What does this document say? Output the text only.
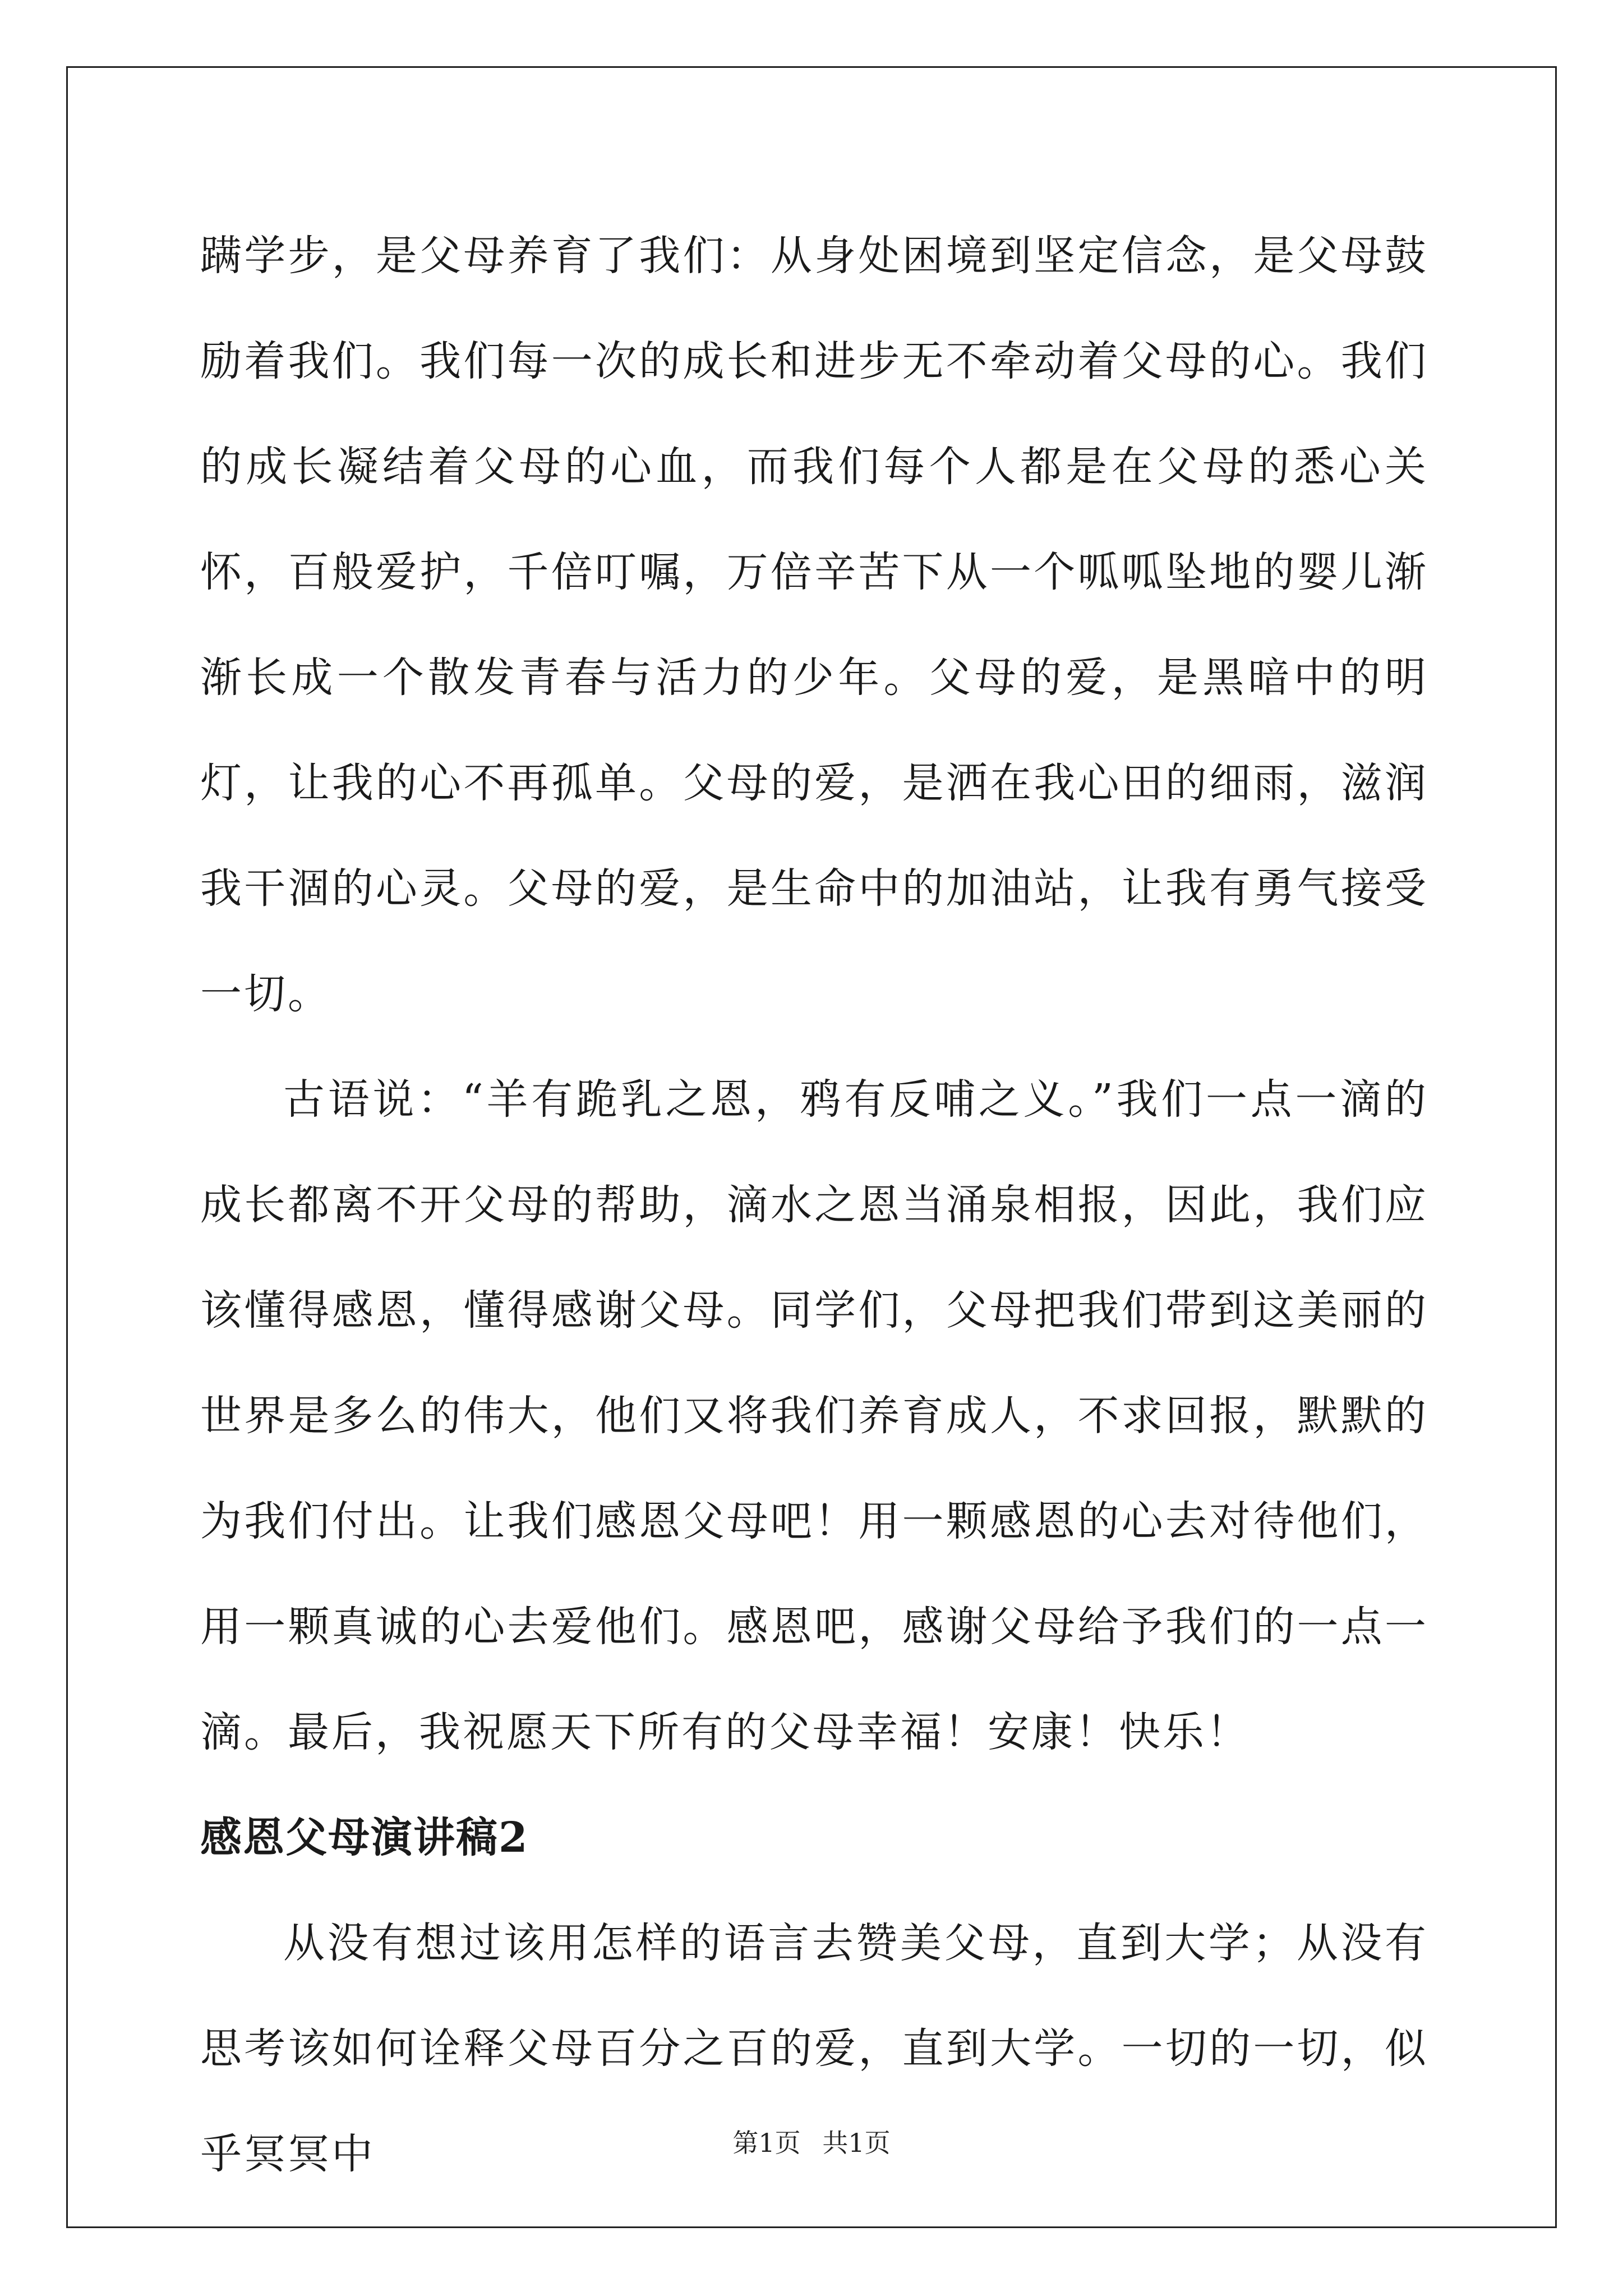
蹒学步，是父母养育了我们：从身处困境到坚定信念，是父母鼓励着我们。我们每一次的成长和进步无不牵动着父母的心。我们的成长凝结着父母的心血，而我们每个人都是在父母的悉心关怀，百般爱护，千倍叮嘱，万倍辛苦下从一个呱呱坠地的婴儿渐渐长成一个散发青春与活力的少年。父母的爱，是黑暗中的明灯，让我的心不再孤单。父母的爱，是洒在我心田的细雨，滋润我干涸的心灵。父母的爱，是生命中的加油站，让我有勇气接受一切。

古语说：“羊有跪乳之恩，鸦有反哺之义。”我们一点一滴的成长都离不开父母的帮助，滴水之恩当涌泉相报，因此，我们应该懂得感恩，懂得感谢父母。同学们，父母把我们带到这美丽的世界是多么的伟大，他们又将我们养育成人，不求回报，默默的为我们付出。让我们感恩父母吧！用一颗感恩的心去对待他们，用一颗真诚的心去爱他们。感恩吧，感谢父母给予我们的一点一滴。最后，我祝愿天下所有的父母幸福！安康！快乐！

感恩父母演讲稿2

从没有想过该用怎样的语言去赞美父母，直到大学；从没有思考该如何诠释父母百分之百的爱，直到大学。一切的一切，似乎冥冥中	第1页 共1页
